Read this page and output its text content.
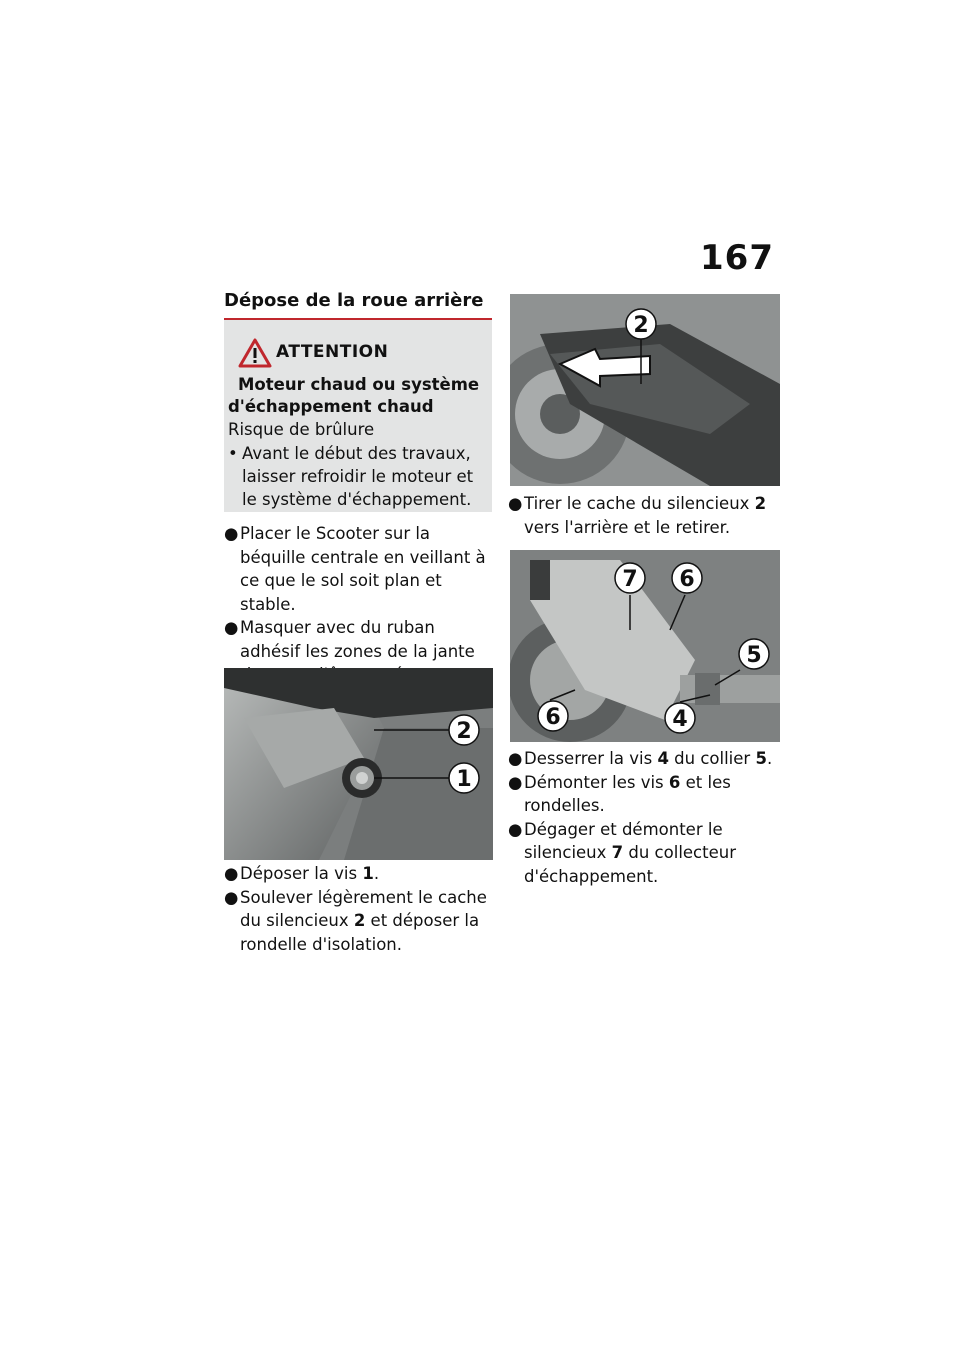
167
Dépose de la roue arrière
ATTENTION
Moteur chaud ou système d'échappement chaud
Risque de brûlure
• Avant le début des travaux, laisser refroidir le moteur et le système d'échappement.
● Placer le Scooter sur la béquille centrale en veillant à ce que le sol soit plan et stable.
● Masquer avec du ruban adhésif les zones de la jante
2
1
● Déposer la vis 1.
● Soulever légèrement le cache du silencieux 2 et déposer la rondelle d'isolation.
2
● Tirer le cache du silencieux 2 vers l'arrière et le retirer.
7 6
5
6	4
● Desserrer la vis 4 du collier 5.
● Démonter les vis 6 et les rondelles.
● Dégager et démonter le silencieux 7 du collecteur d'échappement.
